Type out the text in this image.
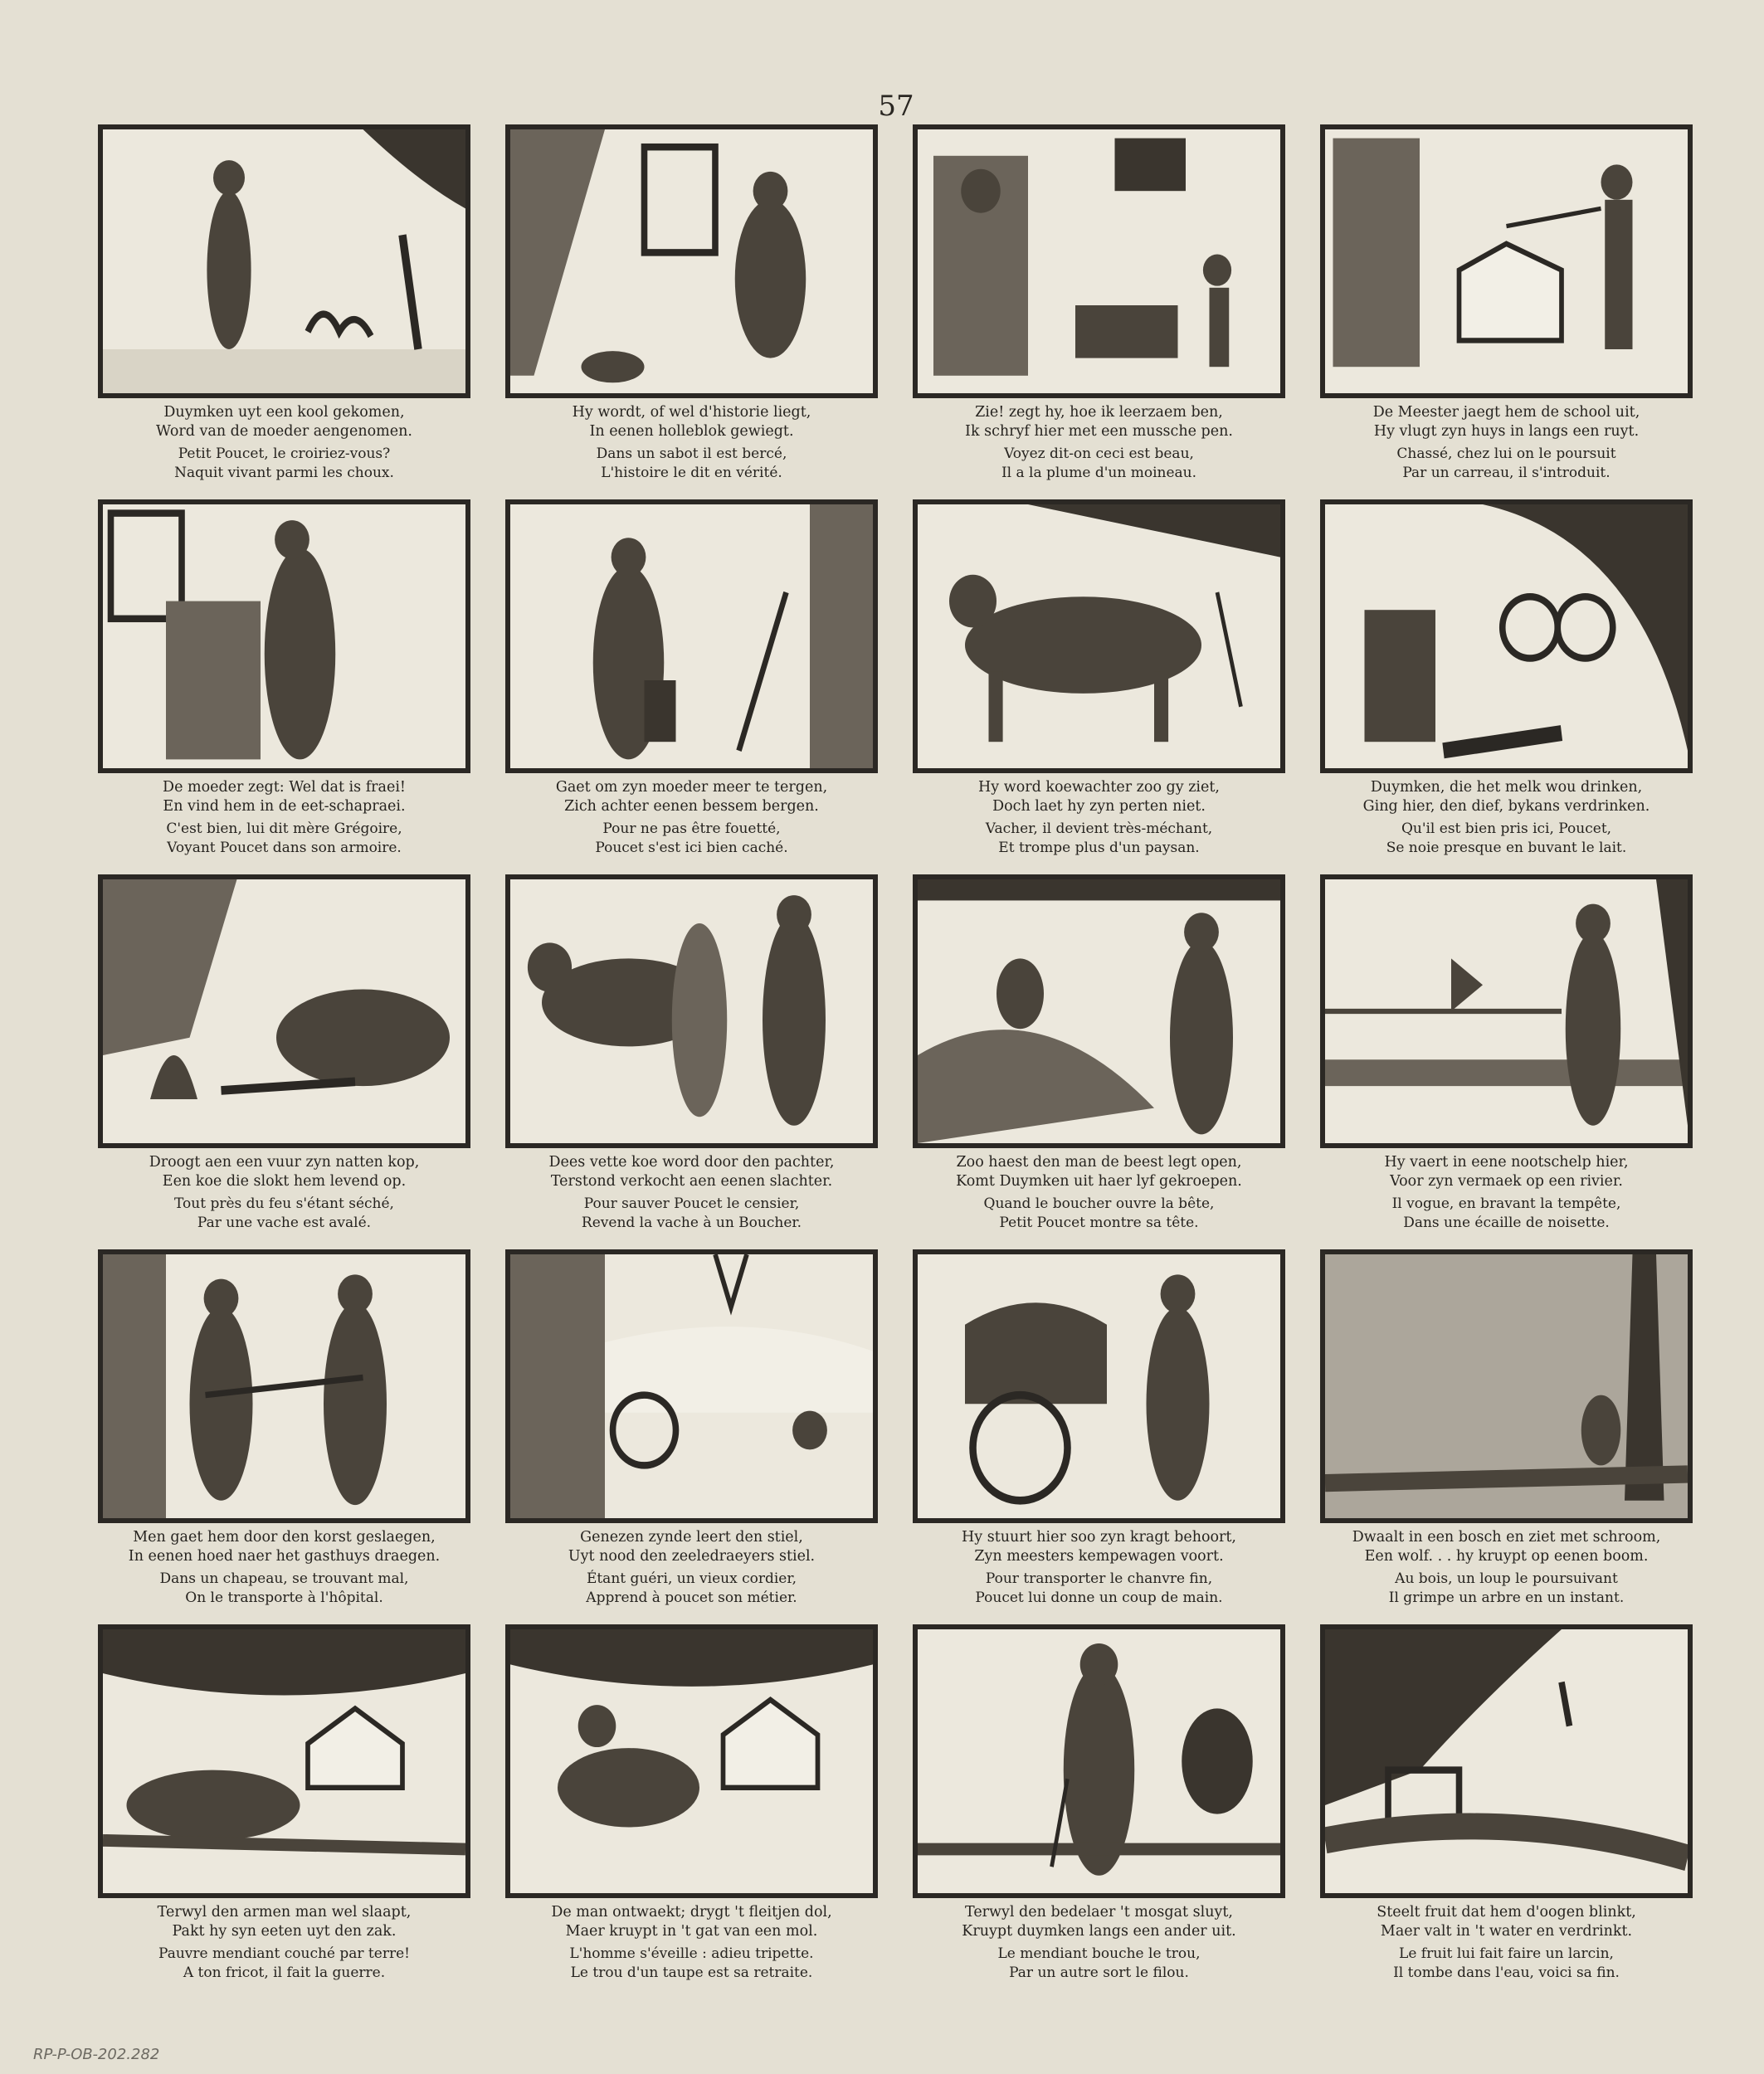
57
Duymken uyt een kool gekomen,
Word van de moeder aengenomen.
Petit Poucet, le croiriez-vous?
Naquit vivant parmi les choux.
Hy wordt, of wel d'historie liegt,
In eenen holleblok gewiegt.
Dans un sabot il est bercé,
L'histoire le dit en vérité.
Zie! zegt hy, hoe ik leerzaem ben,
Ik schryf hier met een mussche pen.
Voyez dit-on ceci est beau,
Il a la plume d'un moineau.
De Meester jaegt hem de school uit,
Hy vlugt zyn huys in langs een ruyt.
Chassé, chez lui on le poursuit
Par un carreau, il s'introduit.
De moeder zegt: Wel dat is fraei!
En vind hem in de eet-schapraei.
C'est bien, lui dit mère Grégoire,
Voyant Poucet dans son armoire.
Gaet om zyn moeder meer te tergen,
Zich achter eenen bessem bergen.
Pour ne pas être fouetté,
Poucet s'est ici bien caché.
Hy word koewachter zoo gy ziet,
Doch laet hy zyn perten niet.
Vacher, il devient très-méchant,
Et trompe plus d'un paysan.
Duymken, die het melk wou drinken,
Ging hier, den dief, bykans verdrinken.
Qu'il est bien pris ici, Poucet,
Se noie presque en buvant le lait.
Droogt aen een vuur zyn natten kop,
Een koe die slokt hem levend op.
Tout près du feu s'étant séché,
Par une vache est avalé.
Dees vette koe word door den pachter,
Terstond verkocht aen eenen slachter.
Pour sauver Poucet le censier,
Revend la vache à un Boucher.
Zoo haest den man de beest legt open,
Komt Duymken uit haer lyf gekroepen.
Quand le boucher ouvre la bête,
Petit Poucet montre sa tête.
Hy vaert in eene nootschelp hier,
Voor zyn vermaek op een rivier.
Il vogue, en bravant la tempête,
Dans une écaille de noisette.
Men gaet hem door den korst geslaegen,
In eenen hoed naer het gasthuys draegen.
Dans un chapeau, se trouvant mal,
On le transporte à l'hôpital.
Genezen zynde leert den stiel,
Uyt nood den zeeledraeyers stiel.
Étant guéri, un vieux cordier,
Apprend à poucet son métier.
Hy stuurt hier soo zyn kragt behoort,
Zyn meesters kempewagen voort.
Pour transporter le chanvre fin,
Poucet lui donne un coup de main.
Dwaalt in een bosch en ziet met schroom,
Een wolf. . . hy kruypt op eenen boom.
Au bois, un loup le poursuivant
Il grimpe un arbre en un instant.
Terwyl den armen man wel slaapt,
Pakt hy syn eeten uyt den zak.
Pauvre mendiant couché par terre!
A ton fricot, il fait la guerre.
De man ontwaekt; drygt 't fleitjen dol,
Maer kruypt in 't gat van een mol.
L'homme s'éveille : adieu tripette.
Le trou d'un taupe est sa retraite.
Terwyl den bedelaer 't mosgat sluyt,
Kruypt duymken langs een ander uit.
Le mendiant bouche le trou,
Par un autre sort le filou.
Steelt fruit dat hem d'oogen blinkt,
Maer valt in 't water en verdrinkt.
Le fruit lui fait faire un larcin,
Il tombe dans l'eau, voici sa fin.
RP-P-OB-202.282
